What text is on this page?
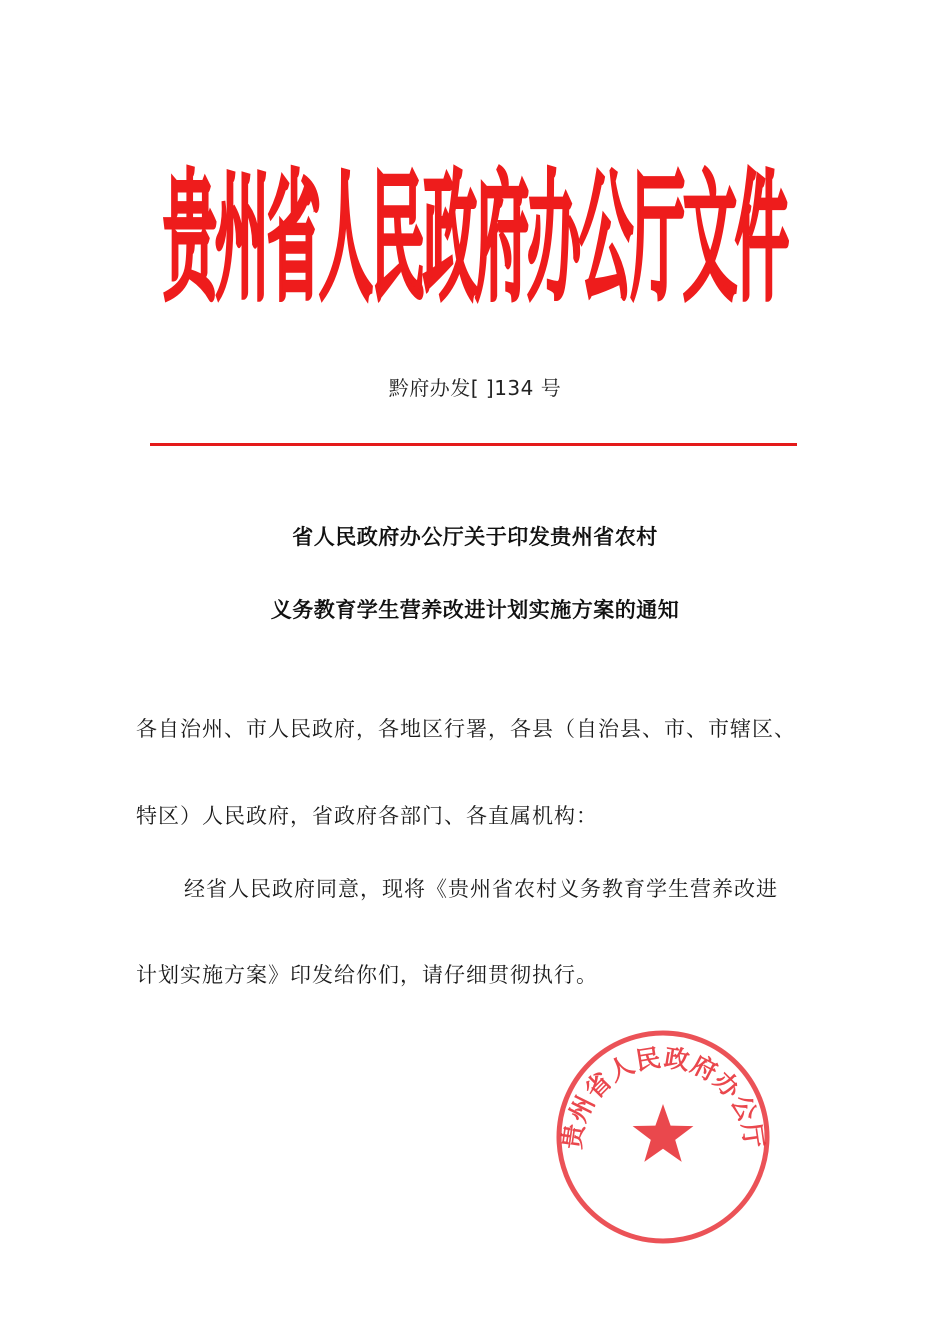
贵州省人民政府办公厅文件
黔府办发[ ]134 号
省人民政府办公厅关于印发贵州省农村
义务教育学生营养改进计划实施方案的通知
各自治州、市人民政府，各地区行署，各县（自治县、市、市辖区、
特区）人民政府，省政府各部门、各直属机构：
经省人民政府同意，现将《贵州省农村义务教育学生营养改进
计划实施方案》印发给你们，请仔细贯彻执行。
贵州省人民政府办公厅
